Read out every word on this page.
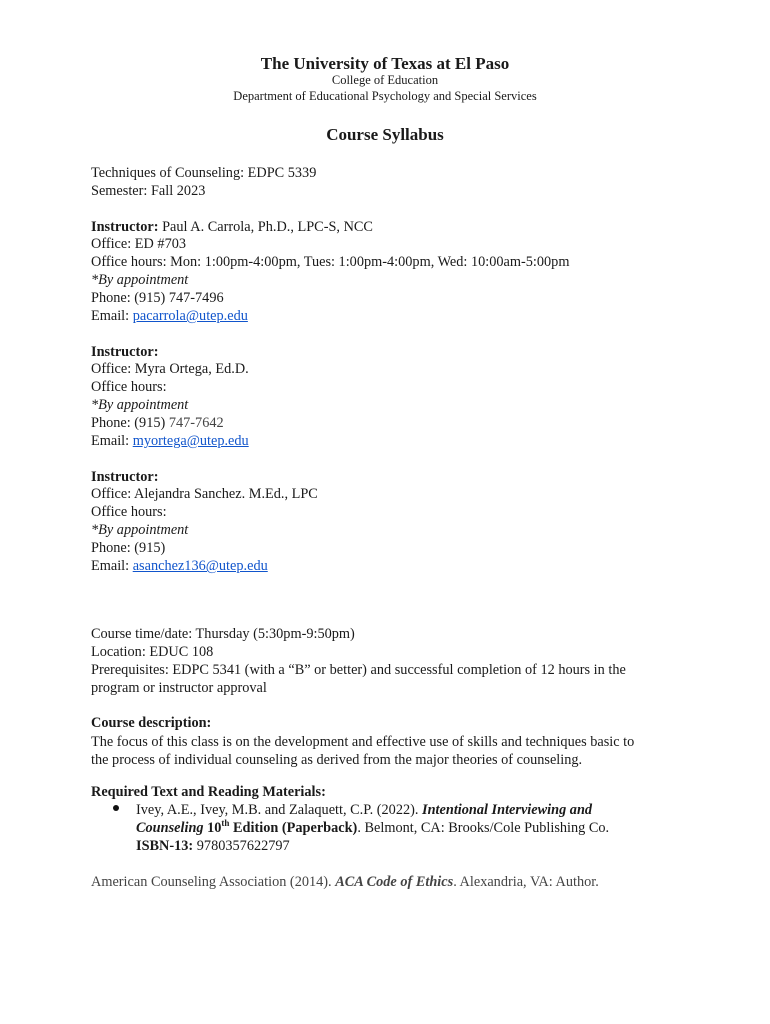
The University of Texas at El Paso
College of Education
Department of Educational Psychology and Special Services
Course Syllabus
Techniques of Counseling: EDPC 5339
Semester: Fall 2023
Instructor: Paul A. Carrola, Ph.D., LPC-S, NCC
Office: ED #703
Office hours: Mon: 1:00pm-4:00pm, Tues: 1:00pm-4:00pm, Wed: 10:00am-5:00pm
*By appointment
Phone: (915) 747-7496
Email: pacarrola@utep.edu
Instructor:
Office: Myra Ortega, Ed.D.
Office hours:
*By appointment
Phone: (915) 747-7642
Email: myortega@utep.edu
Instructor:
Office: Alejandra Sanchez. M.Ed., LPC
Office hours:
*By appointment
Phone: (915)
Email: asanchez136@utep.edu
Course time/date: Thursday (5:30pm-9:50pm)
Location: EDUC 108
Prerequisites: EDPC 5341 (with a “B” or better) and successful completion of 12 hours in the
program or instructor approval
Course description:
The focus of this class is on the development and effective use of skills and techniques basic to
the process of individual counseling as derived from the major theories of counseling.
Required Text and Reading Materials:
Ivey, A.E., Ivey, M.B. and Zalaquett, C.P. (2022). Intentional Interviewing and
Counseling 10th Edition (Paperback). Belmont, CA: Brooks/Cole Publishing Co.
ISBN-13: 9780357622797
American Counseling Association (2014). ACA Code of Ethics. Alexandria, VA: Author.
